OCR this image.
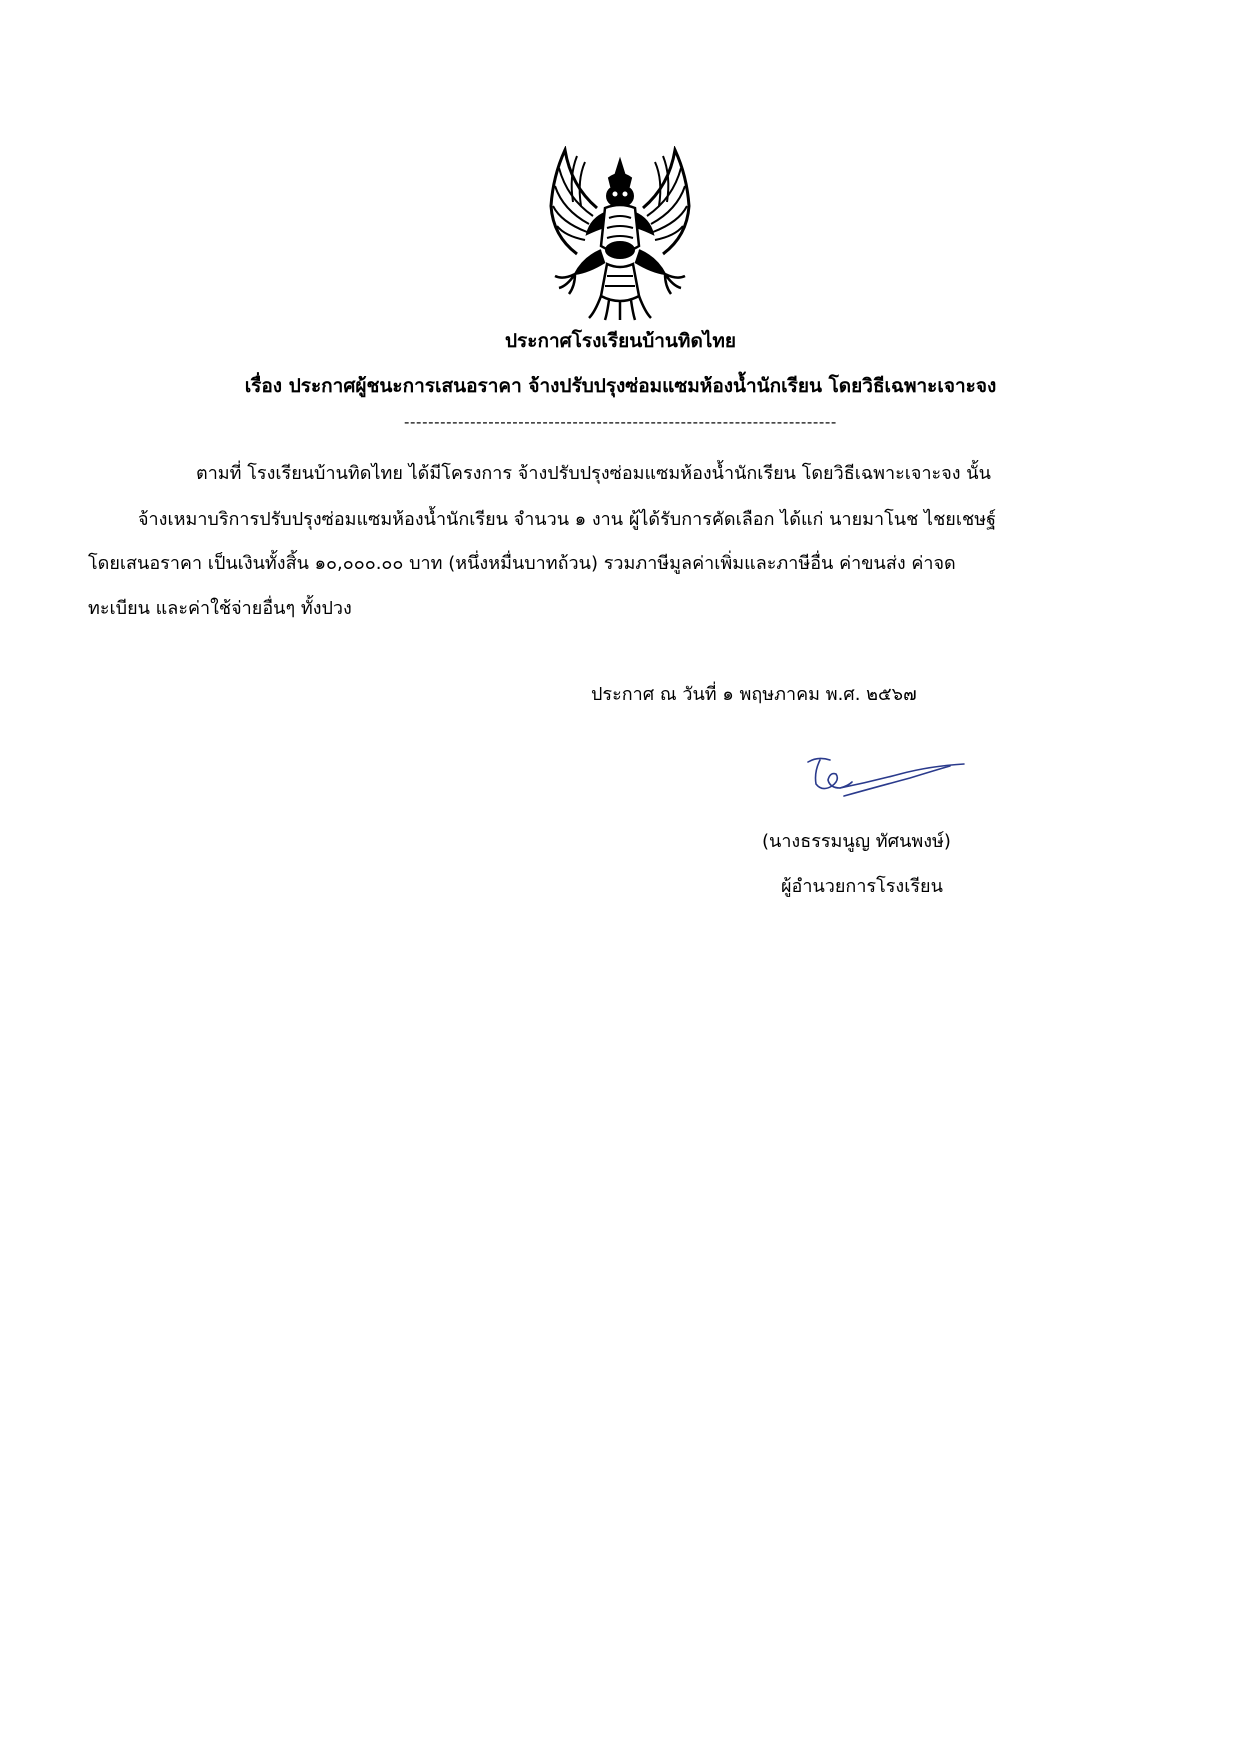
ประกาศโรงเรียนบ้านทิดไทย
เรื่อง ประกาศผู้ชนะการเสนอราคา จ้างปรับปรุงซ่อมแซมห้องน้ำนักเรียน โดยวิธีเฉพาะเจาะจง
------------------------------------------------------------------------
ตามที่ โรงเรียนบ้านทิดไทย ได้มีโครงการ จ้างปรับปรุงซ่อมแซมห้องน้ำนักเรียน โดยวิธีเฉพาะเจาะจง นั้น
จ้างเหมาบริการปรับปรุงซ่อมแซมห้องน้ำนักเรียน จำนวน ๑ งาน ผู้ได้รับการคัดเลือก ได้แก่ นายมาโนช ไชยเชษฐ์
โดยเสนอราคา เป็นเงินทั้งสิ้น ๑๐,๐๐๐.๐๐ บาท (หนึ่งหมื่นบาทถ้วน) รวมภาษีมูลค่าเพิ่มและภาษีอื่น ค่าขนส่ง ค่าจด
ทะเบียน และค่าใช้จ่ายอื่นๆ ทั้งปวง
ประกาศ ณ วันที่ ๑ พฤษภาคม พ.ศ. ๒๕๖๗
(นางธรรมนูญ ทัศนพงษ์)
ผู้อำนวยการโรงเรียน
